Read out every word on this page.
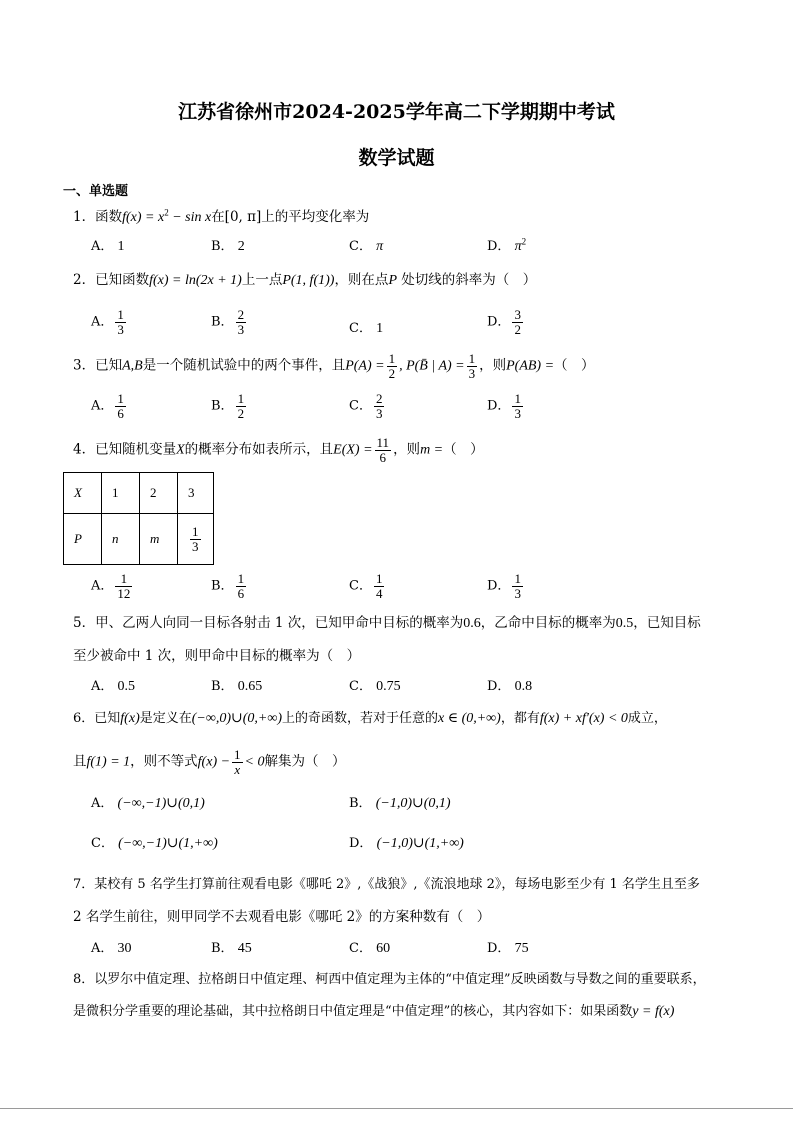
江苏省徐州市2024-2025学年高二下学期期中考试
数学试题
一、单选题
1．函数$f(x) = x^2 - \sin x$在[0, π]上的平均变化率为
A． 1	B． 2	C． π	D． $\pi^2$
2．已知函数f(x) = ln(2x + 1)上一点P(1, f(1))，则在点P 处切线的斜率为（　）
A． $\frac{1}{3}$	B． $\frac{2}{3}$	C． 1	D． $\frac{3}{2}$
3．已知A,B是一个随机试验中的两个事件，且$P(A) = \frac{1}{2}$ , P(B̄ | $A) = \frac{1}{3}$ ，则P(AB) =（　）
A． $\frac{1}{6}$	B． $\frac{1}{2}$	C． $\frac{2}{3}$	D． $\frac{1}{3}$
4．已知随机变量X的概率分布如表所示，且$E(X) = \frac{11}{6}$ ，则m =（　）
X	1	2	3
P	n	m	$\frac{1}{3}$
A． $\frac{1}{12}$	B． $\frac{1}{6}$	C． $\frac{1}{4}$	D． $\frac{1}{3}$
5．甲、乙两人向同一目标各射击 1 次，已知甲命中目标的概率为0.6，乙命中目标的概率为0.5，已知目标
至少被命中 1 次，则甲命中目标的概率为（　）
A． 0.5	B． 0.65	C． 0.75	D． 0.8
6．已知f(x)是定义在(−∞,0)∪(0,+∞)上的奇函数，若对于任意的x ∈ (0,+∞)，都有f(x) + xf′(x) < 0成立，
且f(1) = 1，则不等式$f(x) - \frac{1}{x} < 0$解集为（　）
A． (−∞,−1)∪(0,1)	B． (−1,0)∪(0,1)
C． (−∞,−1)∪(1,+∞)	D． (−1,0)∪(1,+∞)
7．某校有 5 名学生打算前往观看电影《哪吒 2》,《战狼》,《流浪地球 2》，每场电影至少有 1 名学生且至多
2 名学生前往，则甲同学不去观看电影《哪吒 2》的方案种数有（　）
A． 30	B． 45	C． 60	D． 75
8．以罗尔中值定理、拉格朗日中值定理、柯西中值定理为主体的“中值定理”反映函数与导数之间的重要联系，
是微积分学重要的理论基础，其中拉格朗日中值定理是“中值定理”的核心，其内容如下：如果函数y = f(x)
